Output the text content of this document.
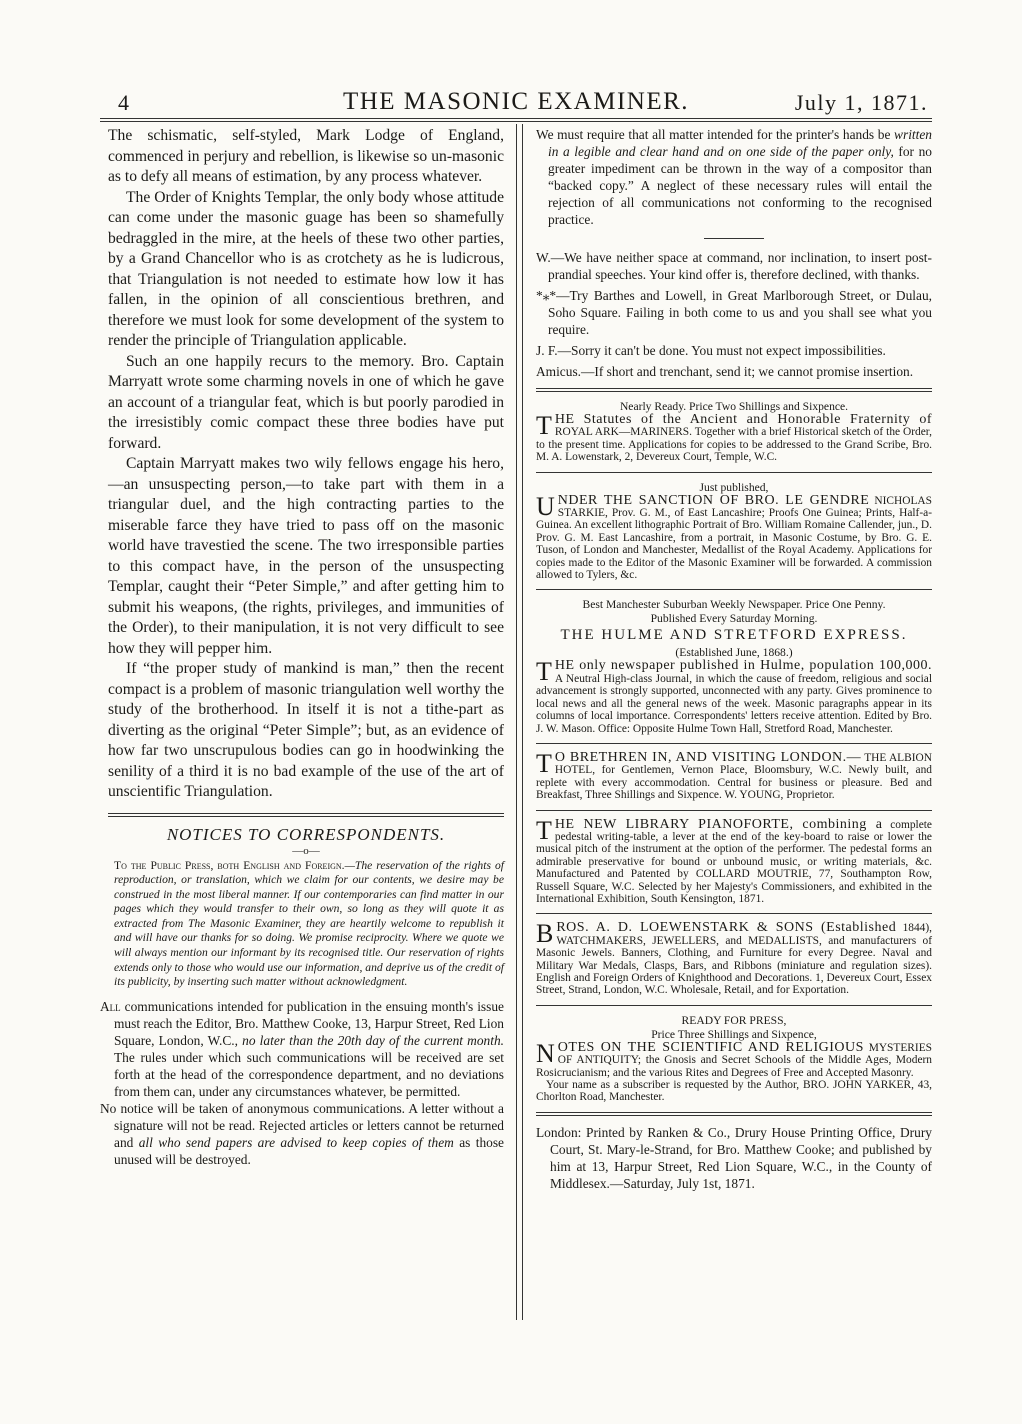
4	THE MASONIC EXAMINER.	July 1, 1871.

The schismatic, self-styled, Mark Lodge of England, commenced in perjury and rebellion, is likewise so un-masonic as to defy all means of estimation, by any process whatever.

The Order of Knights Templar, the only body whose attitude can come under the masonic guage has been so shamefully bedraggled in the mire, at the heels of these two other parties, by a Grand Chancellor who is as crotchety as he is ludicrous, that Triangulation is not needed to estimate how low it has fallen, in the opinion of all conscientious brethren, and therefore we must look for some development of the system to render the principle of Triangulation applicable.

Such an one happily recurs to the memory. Bro. Captain Marryatt wrote some charming novels in one of which he gave an account of a triangular feat, which is but poorly parodied in the irresistibly comic compact these three bodies have put forward.

Captain Marryatt makes two wily fellows engage his hero,—an unsuspecting person,—to take part with them in a triangular duel, and the high contracting parties to the miserable farce they have tried to pass off on the masonic world have travestied the scene. The two irresponsible parties to this compact have, in the person of the unsuspecting Templar, caught their “Peter Simple,” and after getting him to submit his weapons, (the rights, privileges, and immunities of the Order), to their manipulation, it is not very difficult to see how they will pepper him.

If “the proper study of mankind is man,” then the recent compact is a problem of masonic triangulation well worthy the study of the brotherhood. In itself it is not a tithe-part as diverting as the original “Peter Simple”; but, as an evidence of how far two unscrupulous bodies can go in hoodwinking the senility of a third it is no bad example of the use of the art of unscientific Triangulation.

NOTICES TO CORRESPONDENTS.
—o—

To the Public Press, both English and Foreign.—The reservation of the rights of reproduction, or translation, which we claim for our contents, we desire may be construed in the most liberal manner. If our contemporaries can find matter in our pages which they would transfer to their own, so long as they will quote it as extracted from The Masonic Examiner, they are heartily welcome to republish it and will have our thanks for so doing. We promise reciprocity. Where we quote we will always mention our informant by its recognised title. Our reservation of rights extends only to those who would use our information, and deprive us of the credit of its publicity, by inserting such matter without acknowledgment.

All communications intended for publication in the ensuing month's issue must reach the Editor, Bro. Matthew Cooke, 13, Harpur Street, Red Lion Square, London, W.C., no later than the 20th day of the current month. The rules under which such communications will be received are set forth at the head of the correspondence department, and no deviations from them can, under any circumstances whatever, be permitted.

No notice will be taken of anonymous communications. A letter without a signature will not be read. Rejected articles or letters cannot be returned and all who send papers are advised to keep copies of them as those unused will be destroyed.

We must require that all matter intended for the printer's hands be written in a legible and clear hand and on one side of the paper only, for no greater impediment can be thrown in the way of a compositor than “backed copy.” A neglect of these necessary rules will entail the rejection of all communications not conforming to the recognised practice.

W.—We have neither space at command, nor inclination, to insert post-prandial speeches. Your kind offer is, therefore declined, with thanks.

*⁎*—Try Barthes and Lowell, in Great Marlborough Street, or Dulau, Soho Square. Failing in both come to us and you shall see what you require.

J. F.—Sorry it can't be done. You must not expect impossibilities.

Amicus.—If short and trenchant, send it; we cannot promise insertion.

Nearly Ready. Price Two Shillings and Sixpence.
THE Statutes of the Ancient and Honorable Fraternity of ROYAL ARK—MARINERS. Together with a brief Historical sketch of the Order, to the present time. Applications for copies to be addressed to the Grand Scribe, Bro. M. A. Lowenstark, 2, Devereux Court, Temple, W.C.
Just published,
UNDER THE SANCTION OF BRO. LE GENDRE NICHOLAS STARKIE, Prov. G. M., of East Lancashire; Proofs One Guinea; Prints, Half-a-Guinea. An excellent lithographic Portrait of Bro. William Romaine Callender, jun., D. Prov. G. M. East Lancashire, from a portrait, in Masonic Costume, by Bro. G. E. Tuson, of London and Manchester, Medallist of the Royal Academy. Applications for copies made to the Editor of the Masonic Examiner will be forwarded. A commission allowed to Tylers, &c.
Best Manchester Suburban Weekly Newspaper. Price One Penny.
Published Every Saturday Morning.
THE HULME AND STRETFORD EXPRESS.
(Established June, 1868.)
THE only newspaper published in Hulme, population 100,000. A Neutral High-class Journal, in which the cause of freedom, religious and social advancement is strongly supported, unconnected with any party. Gives prominence to local news and all the general news of the week. Masonic paragraphs appear in its columns of local importance. Correspondents' letters receive attention. Edited by Bro. J. W. Mason. Office: Opposite Hulme Town Hall, Stretford Road, Manchester.
T O BRETHREN IN, AND VISITING LONDON.— THE ALBION HOTEL, for Gentlemen, Vernon Place, Bloomsbury, W.C. Newly built, and replete with every accommodation. Central for business or pleasure. Bed and Breakfast, Three Shillings and Sixpence. W. YOUNG, Proprietor.
THE NEW LIBRARY PIANOFORTE, combining a complete pedestal writing-table, a lever at the end of the key-board to raise or lower the musical pitch of the instrument at the option of the performer. The pedestal forms an admirable preservative for bound or unbound music, or writing materials, &c. Manufactured and Patented by COLLARD MOUTRIE, 77, Southampton Row, Russell Square, W.C. Selected by her Majesty's Commissioners, and exhibited in the International Exhibition, South Kensington, 1871.
BROS. A. D. LOEWENSTARK & SONS (Established 1844), WATCHMAKERS, JEWELLERS, and MEDALLISTS, and manufacturers of Masonic Jewels. Banners, Clothing, and Furniture for every Degree. Naval and Military War Medals, Clasps, Bars, and Ribbons (miniature and regulation sizes). English and Foreign Orders of Knighthood and Decorations. 1, Devereux Court, Essex Street, Strand, London, W.C. Wholesale, Retail, and for Exportation.
READY FOR PRESS,
Price Three Shillings and Sixpence,
NOTES ON THE SCIENTIFIC AND RELIGIOUS MYSTERIES OF ANTIQUITY; the Gnosis and Secret Schools of the Middle Ages, Modern Rosicrucianism; and the various Rites and Degrees of Free and Accepted Masonry.
Your name as a subscriber is requested by the Author, BRO. JOHN YARKER, 43, Chorlton Road, Manchester.

London: Printed by Ranken & Co., Drury House Printing Office, Drury Court, St. Mary-le-Strand, for Bro. Matthew Cooke; and published by him at 13, Harpur Street, Red Lion Square, W.C., in the County of Middlesex.—Saturday, July 1st, 1871.
